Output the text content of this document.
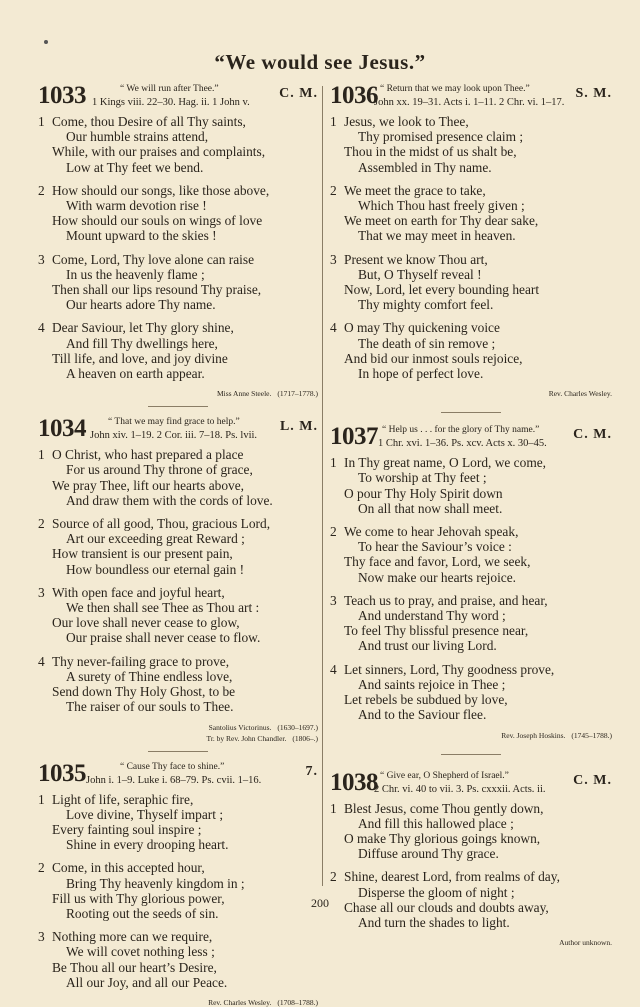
“We would see Jesus.”
1033	“ We will run after Thee.”
1 Kings viii. 22–30. Hag. ii. 1 John v.
C. M.
1 Come, thou Desire of all Thy saints,
Our humble strains attend,
While, with our praises and complaints,
Low at Thy feet we bend.
2 How should our songs, like those above,
With warm devotion rise !
How should our souls on wings of love
Mount upward to the skies !
3 Come, Lord, Thy love alone can raise
In us the heavenly flame ;
Then shall our lips resound Thy praise,
Our hearts adore Thy name.
4 Dear Saviour, let Thy glory shine,
And fill Thy dwellings here,
Till life, and love, and joy divine
A heaven on earth appear.
Miss Anne Steele. (1717–1778.)
1034 “ That we may find grace to help.”
John xiv. 1–19. 2 Cor. iii. 7–18. Ps. lvii.
L. M.
1 O Christ, who hast prepared a place
For us around Thy throne of grace,
We pray Thee, lift our hearts above,
And draw them with the cords of love.
2 Source of all good, Thou, gracious Lord,
Art our exceeding great Reward ;
How transient is our present pain,
How boundless our eternal gain !
3 With open face and joyful heart,
We then shall see Thee as Thou art :
Our love shall never cease to glow,
Our praise shall never cease to flow.
4 Thy never-failing grace to prove,
A surety of Thine endless love,
Send down Thy Holy Ghost, to be
The raiser of our souls to Thee.
Santolius Victorinus. (1630–1697.)
Tr. by Rev. John Chandler. (1806–.)
1035	“ Cause Thy face to shine.”
John i. 1–9. Luke i. 68–79. Ps. cvii. 1–16.
7.
1 Light of life, seraphic fire,
Love divine, Thyself impart ;
Every fainting soul inspire ;
Shine in every drooping heart.
2 Come, in this accepted hour,
Bring Thy heavenly kingdom in ;
Fill us with Thy glorious power,
Rooting out the seeds of sin.
3 Nothing more can we require,
We will covet nothing less ;
Be Thou all our heart’s Desire,
All our Joy, and all our Peace.
Rev. Charles Wesley. (1708–1788.)
1036 “ Return that we may look upon Thee.”
John xx. 19–31. Acts i. 1–11. 2 Chr. vi. 1–17.
S. M.
1 Jesus, we look to Thee,
Thy promised presence claim ;
Thou in the midst of us shalt be,
Assembled in Thy name.
2 We meet the grace to take,
Which Thou hast freely given ;
We meet on earth for Thy dear sake,
That we may meet in heaven.
3 Present we know Thou art,
But, O Thyself reveal !
Now, Lord, let every bounding heart
Thy mighty comfort feel.
4 O may Thy quickening voice
The death of sin remove ;
And bid our inmost souls rejoice,
In hope of perfect love.
Rev. Charles Wesley.
1037 “ Help us . . . for the glory of Thy name.”
1 Chr. xvi. 1–36. Ps. xcv. Acts x. 30–45.
C. M.
1 In Thy great name, O Lord, we come,
To worship at Thy feet ;
O pour Thy Holy Spirit down
On all that now shall meet.
2 We come to hear Jehovah speak,
To hear the Saviour’s voice :
Thy face and favor, Lord, we seek,
Now make our hearts rejoice.
3 Teach us to pray, and praise, and hear,
And understand Thy word ;
To feel Thy blissful presence near,
And trust our living Lord.
4 Let sinners, Lord, Thy goodness prove,
And saints rejoice in Thee ;
Let rebels be subdued by love,
And to the Saviour flee.
Rev. Joseph Hoskins. (1745–1788.)
1038 “ Give ear, O Shepherd of Israel.”
2 Chr. vi. 40 to vii. 3. Ps. cxxxii. Acts. ii.
C. M.
1 Blest Jesus, come Thou gently down,
And fill this hallowed place ;
O make Thy glorious goings known,
Diffuse around Thy grace.
2 Shine, dearest Lord, from realms of day,
Disperse the gloom of night ;
Chase all our clouds and doubts away,
And turn the shades to light.
Author unknown.
200
